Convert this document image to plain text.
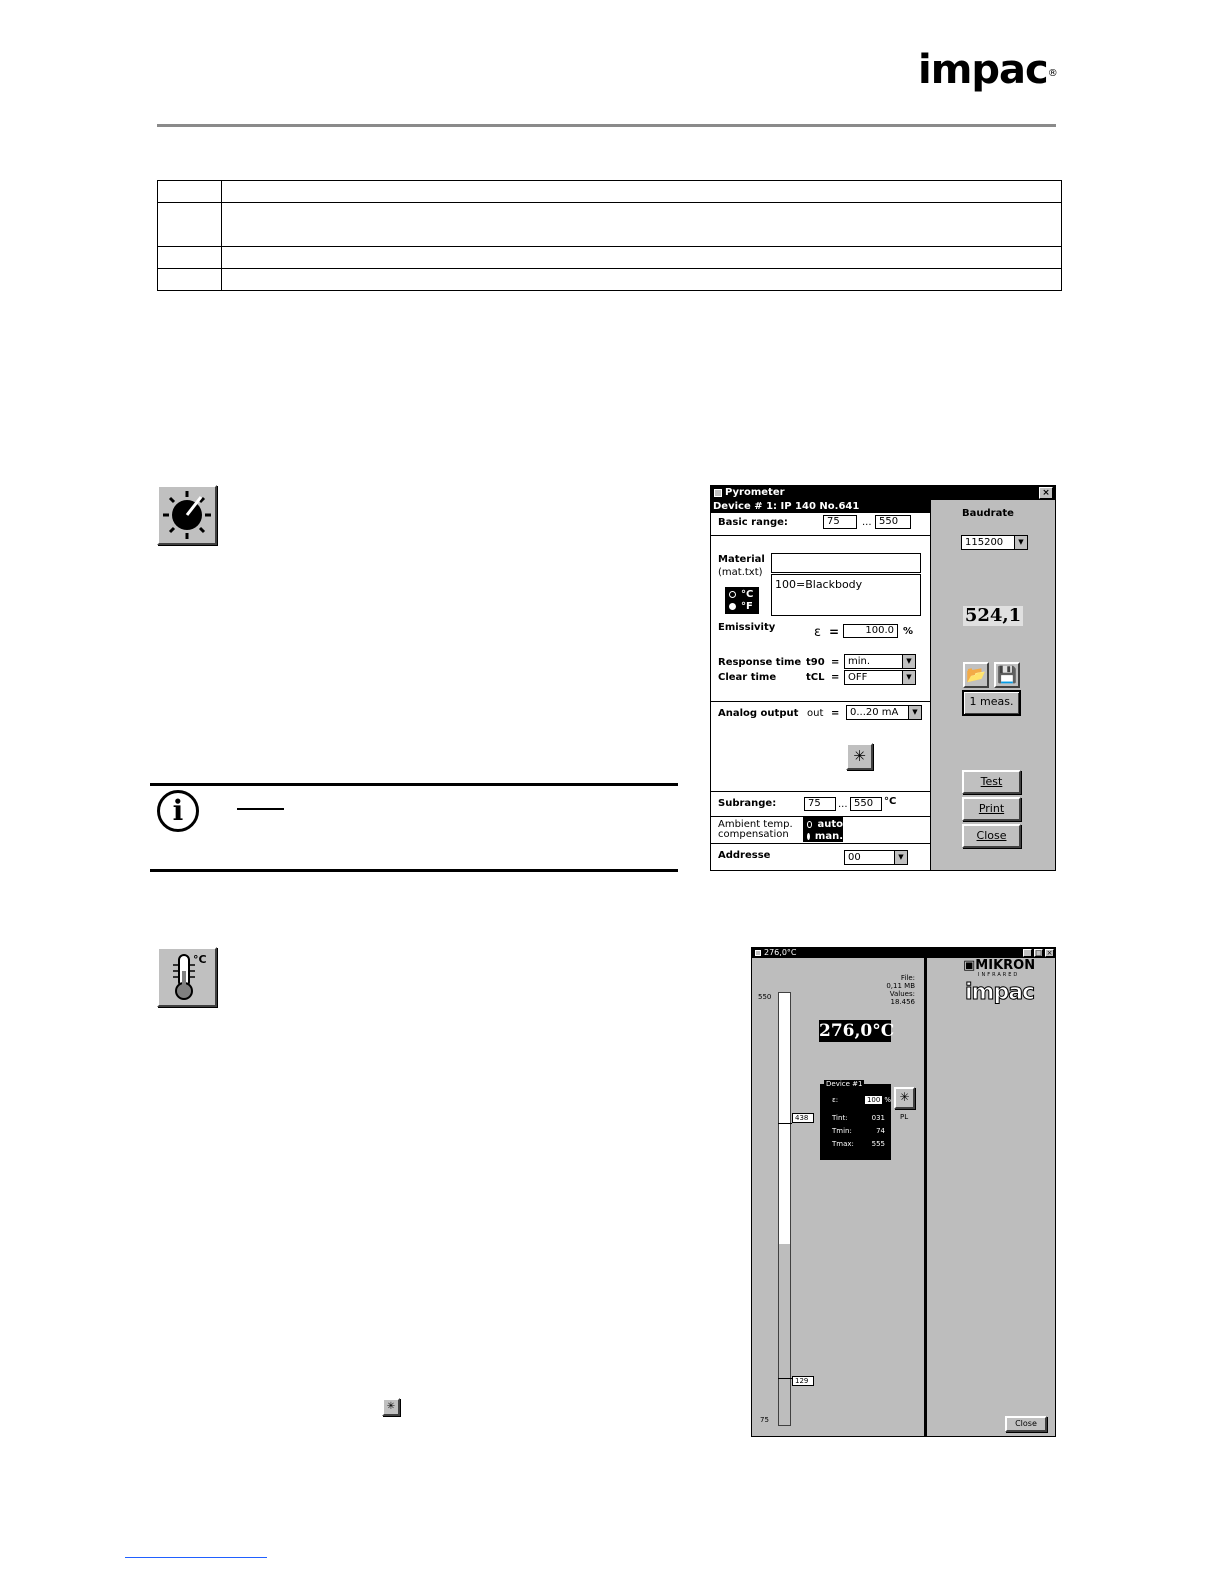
impac®

i
Pyrometer	×
Device # 1: IP 140 No.641
Basic range:	75	... 550
Material
(mat.txt)
100=Blackbody
°C
°F
Emissivity	ε =	100.0 %
Response time t90 = min.	▼
Clear time	tCL = OFF	▼
Analog output out =	0...20 mA	▼
✳
Subrange:	75	... 550	°C
Ambient temp.
compensation
auto
man.
Addresse	00	▼
Baudrate
115200	▼
524,1
📂 💾
1 meas.
Test
Print
Close
°C
✳
276,0°C	_ □ ×
550
75
438
129
File:
0,11 MB
Values:
18.456
276,0°C
Device #1
ε:	100 %
Tint:	031
Tmin:	74
Tmax:	555
✳
PL
▣MIKRON
INFRARED
impac
Close
